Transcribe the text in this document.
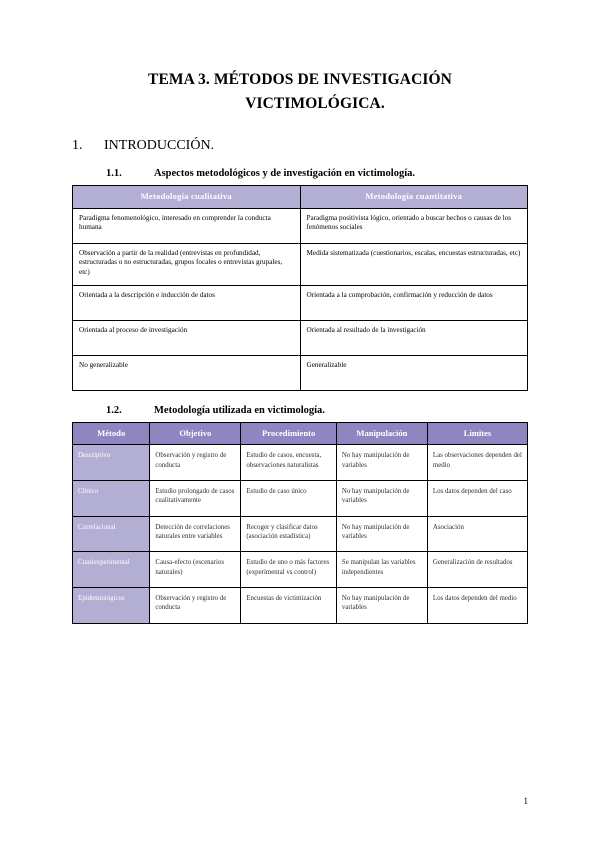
TEMA 3. MÉTODOS DE INVESTIGACIÓN
VICTIMOLÓGICA.
1.	INTRODUCCIÓN.
1.1.	Aspectos metodológicos y de investigación en victimología.
Metodología cualitativa	Metodología cuantitativa
Paradigma fenomenológico, interesado en comprender la conducta humana	Paradigma positivista lógico, orientado a buscar hechos o causas de los fenómenos sociales
Observación a partir de la realidad (entrevistas en profundidad, estructuradas o no estructuradas, grupos focales o entrevistas grupales, etc)	Medida sistematizada (cuestionarios, escalas, encuestas estructuradas, etc)
Orientada a la descripción e inducción de datos	Orientada a la comprobación, confirmación y reducción de datos
Orientada al proceso de investigación	Orientada al resultado de la investigación
No generalizable	Generalizable
1.2.	Metodología utilizada en victimología.
Método	Objetivo	Procedimiento	Manipulación	Límites
Descriptivo	Observación y registro de conducta	Estudio de casos, encuesta, observaciones naturalistas	No hay manipulación de variables	Las observaciones dependen del medio
Clínico	Estudio prolongado de casos cualitativamente	Estudio de caso único	No hay manipulación de variables	Los datos dependen del caso
Correlacional	Detección de correlaciones naturales entre variables	Recoger y clasificar datos (asociación estadística)	No hay manipulación de variables	Asociación
Cuasiexperimental	Causa-efecto (escenarios naturales)	Estudio de uno o más factores (experimental vs control)	Se manipulan las variables independientes	Generalización de resultados
Epidemiológicos	Observación y registro de conducta	Encuestas de victimización	No hay manipulación de variables	Los datos dependen del medio
1
